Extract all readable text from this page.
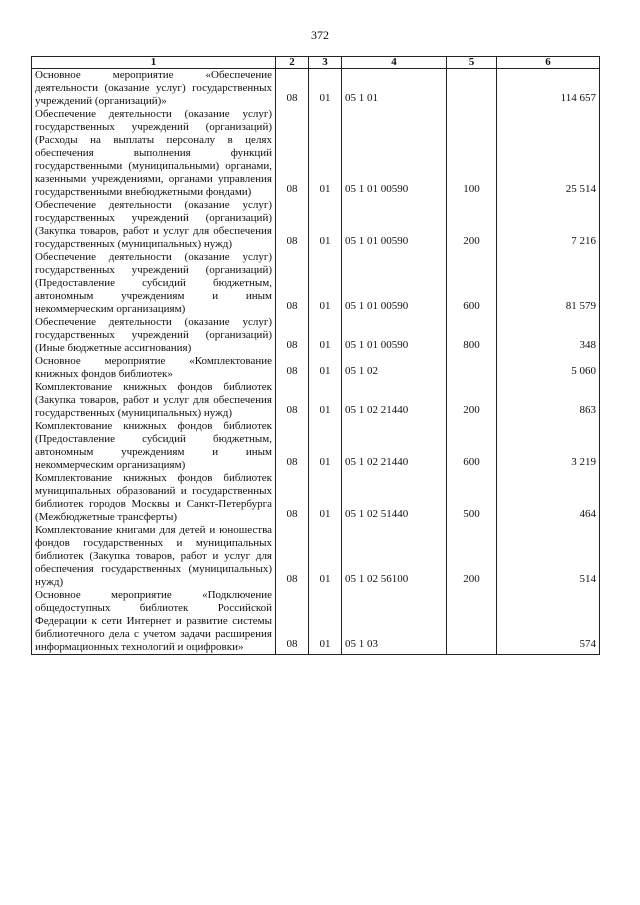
372
1	2	3	4	5	6
Основное мероприятие «Обеспечение деятельности (оказание услуг) государственных учреждений (организаций)»	08	01	05 1 01		114 657
Обеспечение деятельности (оказание услуг) государственных учреждений (организаций) (Расходы на выплаты персоналу в целях обеспечения выполнения функций государственными (муниципальными) органами, казенными учреждениями, органами управления государственными внебюджетными фондами)	08	01	05 1 01 00590	100	25 514
Обеспечение деятельности (оказание услуг) государственных учреждений (организаций) (Закупка товаров, работ и услуг для обеспечения государственных (муниципальных) нужд)	08	01	05 1 01 00590	200	7 216
Обеспечение деятельности (оказание услуг) государственных учреждений (организаций) (Предоставление субсидий бюджетным, автономным учреждениям и иным некоммерческим организациям)	08	01	05 1 01 00590	600	81 579
Обеспечение деятельности (оказание услуг) государственных учреждений (организаций) (Иные бюджетные ассигнования)	08	01	05 1 01 00590	800	348
Основное мероприятие «Комплектование книжных фондов библиотек»	08	01	05 1 02		5 060
Комплектование книжных фондов библиотек (Закупка товаров, работ и услуг для обеспечения государственных (муниципальных) нужд)	08	01	05 1 02 21440	200	863
Комплектование книжных фондов библиотек (Предоставление субсидий бюджетным, автономным учреждениям и иным некоммерческим организациям)	08	01	05 1 02 21440	600	3 219
Комплектование книжных фондов библиотек муниципальных образований и государственных библиотек городов Москвы и Санкт-Петербурга (Межбюджетные трансферты)	08	01	05 1 02 51440	500	464
Комплектование книгами для детей и юношества фондов государственных и муниципальных библиотек (Закупка товаров, работ и услуг для обеспечения государственных (муниципальных) нужд)	08	01	05 1 02 56100	200	514
Основное мероприятие «Подключение общедоступных библиотек Российской Федерации к сети Интернет и развитие системы библиотечного дела с учетом задачи расширения информационных технологий и оцифровки»	08	01	05 1 03		574
